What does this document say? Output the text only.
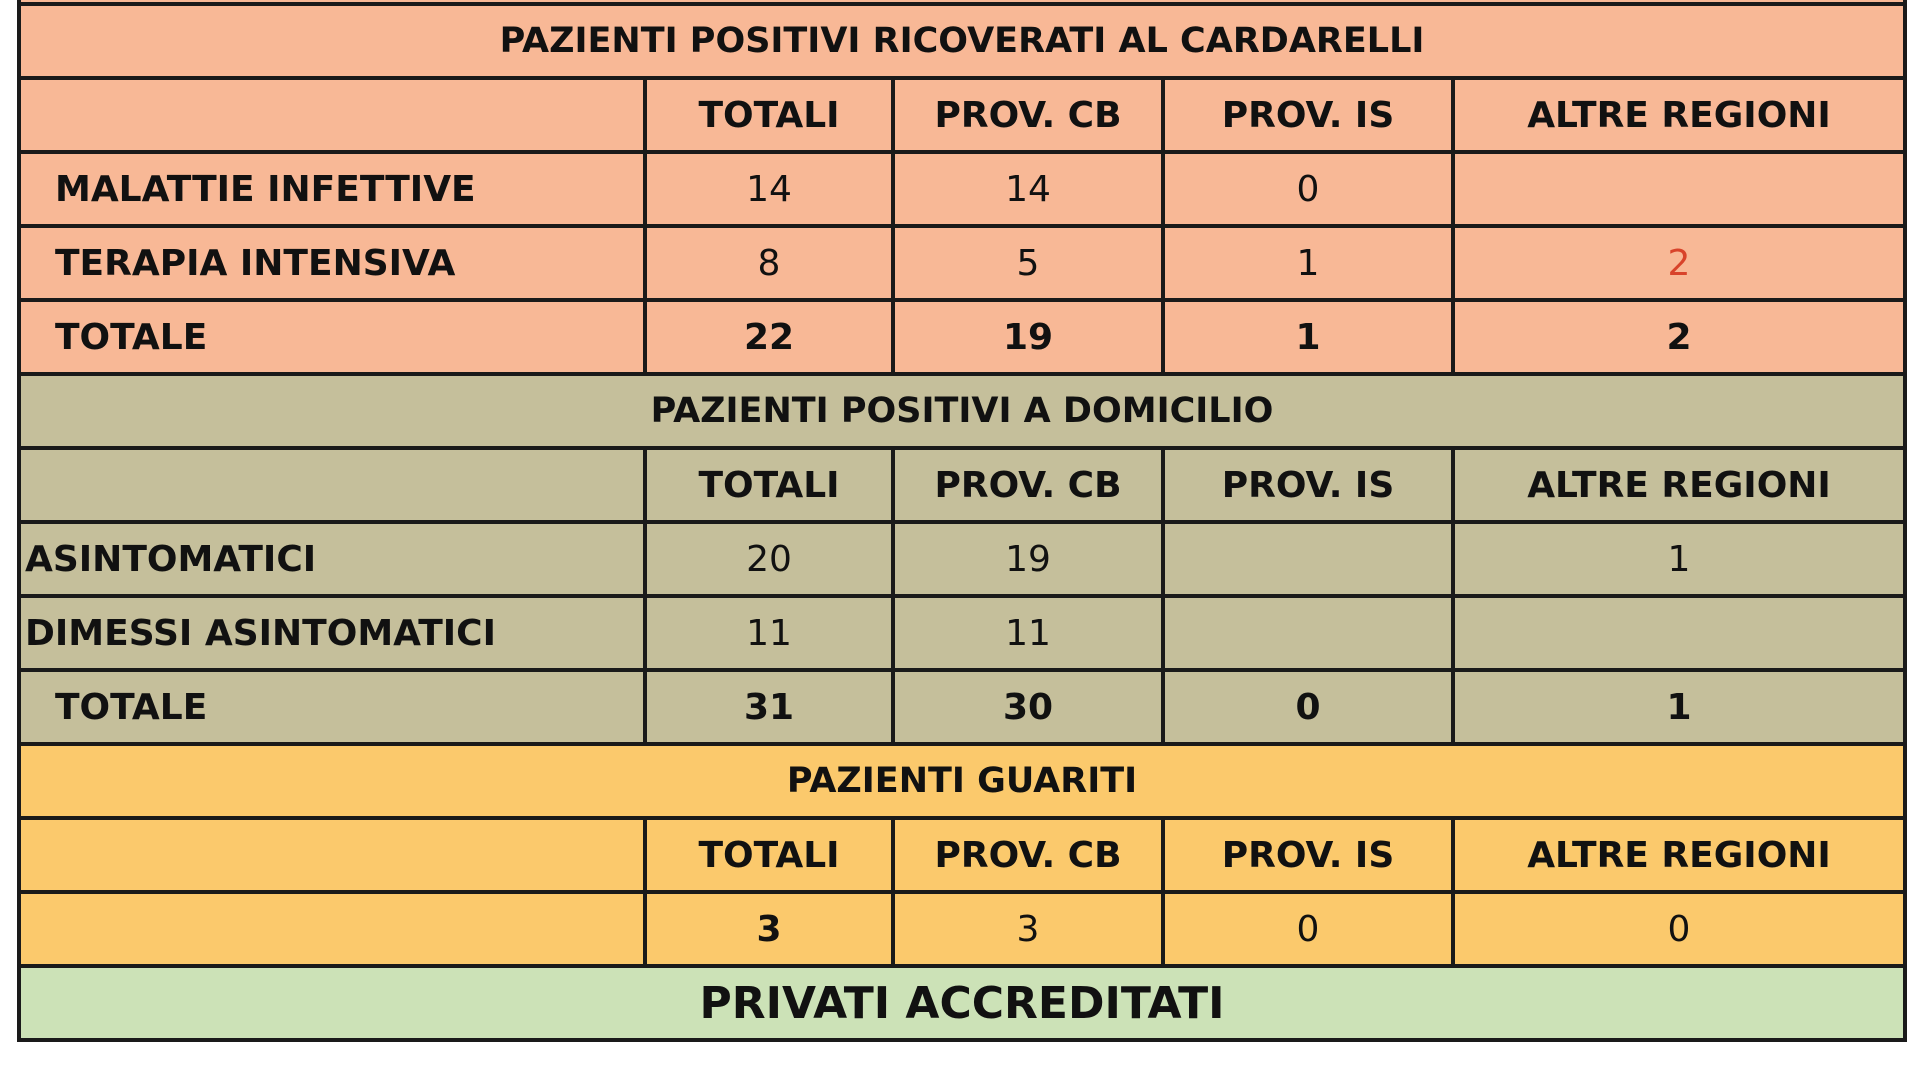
PAZIENTI POSITIVI RICOVERATI AL CARDARELLI				
	TOTALI	PROV. CB	PROV. IS	ALTRE REGIONI
MALATTIE INFETTIVE	14	14	0	
TERAPIA INTENSIVA	8	5	1	2
TOTALE	22	19	1	2
PAZIENTI POSITIVI A DOMICILIO				
	TOTALI	PROV. CB	PROV. IS	ALTRE REGIONI
ASINTOMATICI	20	19		1
DIMESSI ASINTOMATICI	11	11		
TOTALE	31	30	0	1
PAZIENTI GUARITI				
	TOTALI	PROV. CB	PROV. IS	ALTRE REGIONI
	3	3	0	0
PRIVATI ACCREDITATI				
